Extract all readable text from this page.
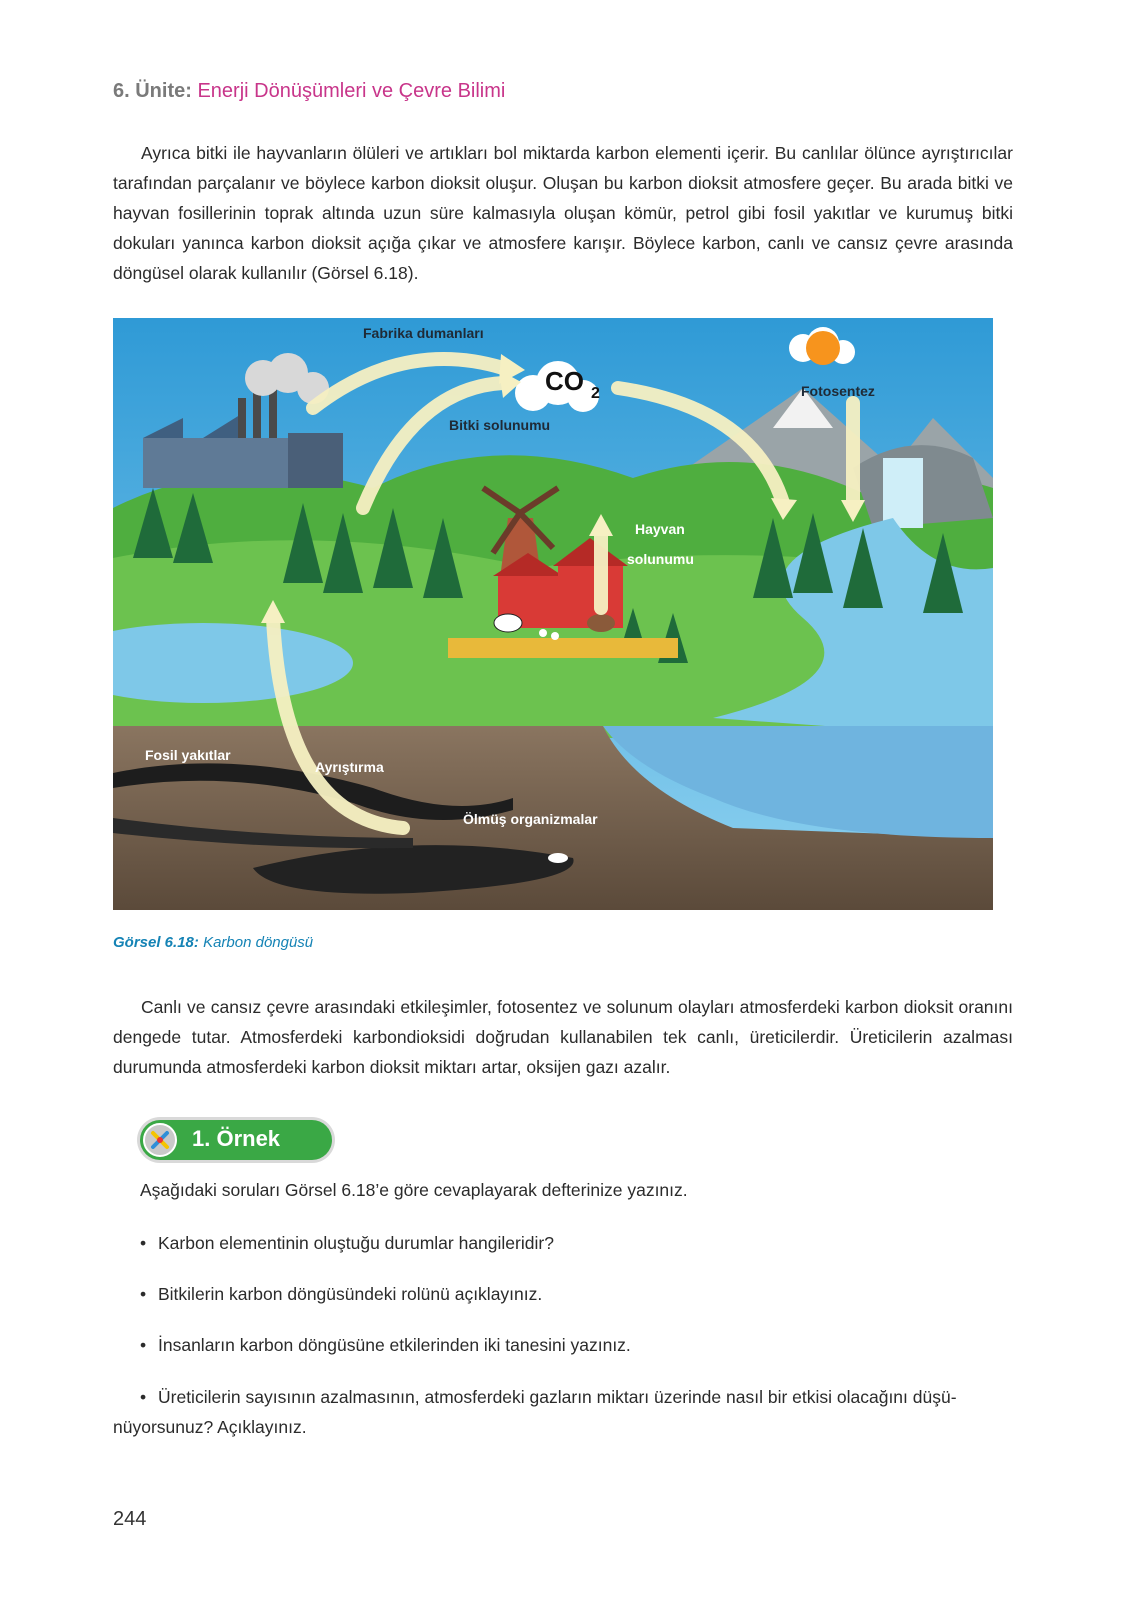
6. Ünite: Enerji Dönüşümleri ve Çevre Bilimi

Ayrıca bitki ile hayvanların ölüleri ve artıkları bol miktarda karbon elementi içerir. Bu canlılar ölünce ayrıştırıcılar tarafından parçalanır ve böylece karbon dioksit oluşur. Oluşan bu karbon dioksit atmosfere geçer. Bu arada bitki ve hayvan fosillerinin toprak altında uzun süre kalmasıyla oluşan kömür, petrol gibi fosil yakıtlar ve kurumuş bitki dokuları yanınca karbon dioksit açığa çıkar ve atmosfere karışır. Böylece karbon, canlı ve cansız çevre arasında döngüsel olarak kullanılır (Görsel 6.18).

Fabrika dumanları
CO 2	Fotosentez
Bitki solunumu
Hayvan
solunumu
Fosil yakıtlar
Ayrıştırma
Ölmüş organizmalar
Görsel 6.18: Karbon döngüsü

Canlı ve cansız çevre arasındaki etkileşimler, fotosentez ve solunum olayları atmosferdeki karbon dioksit oranını dengede tutar. Atmosferdeki karbondioksidi doğrudan kullanabilen tek canlı, üreticilerdir. Üreticilerin azalması durumunda atmosferdeki karbon dioksit miktarı artar, oksijen gazı azalır.

1. Örnek
Aşağıdaki soruları Görsel 6.18’e göre cevaplayarak defterinize yazınız.
• Karbon elementinin oluştuğu durumlar hangileridir?
• Bitkilerin karbon döngüsündeki rolünü açıklayınız.
• İnsanların karbon döngüsüne etkilerinden iki tanesini yazınız.
• Üreticilerin sayısının azalmasının, atmosferdeki gazların miktarı üzerinde nasıl bir etkisi olacağını düşü-
nüyorsunuz? Açıklayınız.
244
